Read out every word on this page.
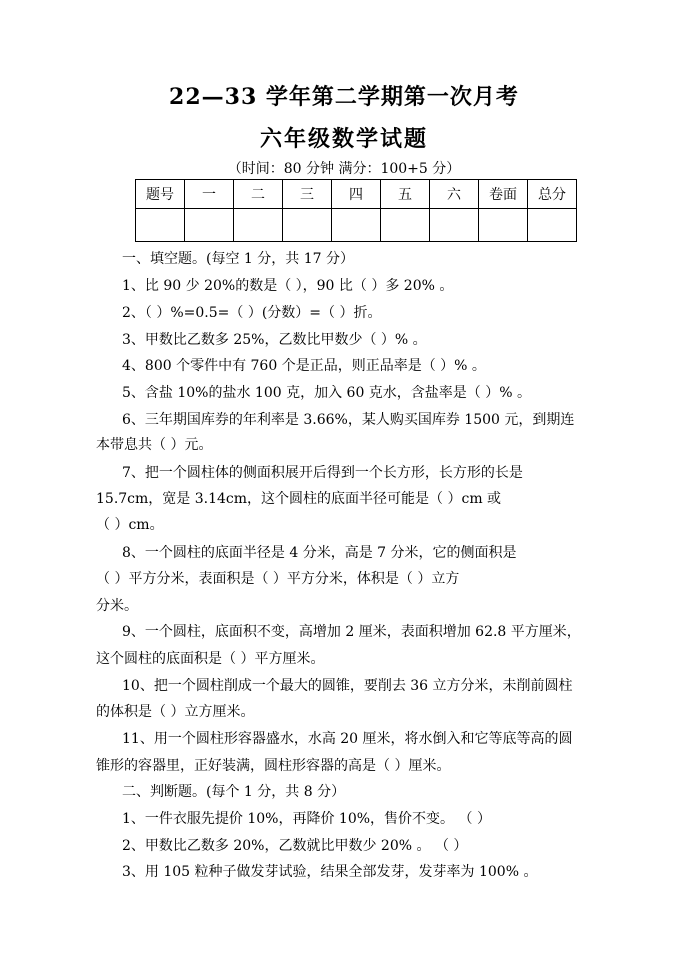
22—33 学年第二学期第一次月考
六年级数学试题
（时间：80 分钟 满分：100+5 分）
题号	一	二	三	四	五	六	卷面	总分

一、填空题。(每空 1 分，共 17 分）
1、比 90 少 20%的数是（ ），90 比（ ）多 20% 。
2、（ ）%=0.5=（ ）(分数）=（ ）折。
3、甲数比乙数多 25%，乙数比甲数少（ ）% 。
4、800 个零件中有 760 个是正品，则正品率是（ ）% 。
5、含盐 10%的盐水 100 克，加入 60 克水，含盐率是（ ）% 。
6、三年期国库券的年利率是 3.66%，某人购买国库券 1500 元，到期连
本带息共（ ）元。
7、把一个圆柱体的侧面积展开后得到一个长方形，长方形的长是
15.7cm，宽是 3.14cm，这个圆柱的底面半径可能是（ ）cm 或
（ ）cm。
8、一个圆柱的底面半径是 4 分米，高是 7 分米，它的侧面积是
（ ）平方分米，表面积是（ ）平方分米，体积是（ ）立方
分米。
9、一个圆柱，底面积不变，高增加 2 厘米，表面积增加 62.8 平方厘米，
这个圆柱的底面积是（ ）平方厘米。
10、把一个圆柱削成一个最大的圆锥，要削去 36 立方分米，未削前圆柱
的体积是（ ）立方厘米。
11、用一个圆柱形容器盛水，水高 20 厘米，将水倒入和它等底等高的圆
锥形的容器里，正好装满，圆柱形容器的高是（ ）厘米。
二、判断题。(每个 1 分，共 8 分）
1、一件衣服先提价 10%，再降价 10%，售价不变。 （ ）
2、甲数比乙数多 20%，乙数就比甲数少 20% 。 （ ）
3、用 105 粒种子做发芽试验，结果全部发芽，发芽率为 100% 。
